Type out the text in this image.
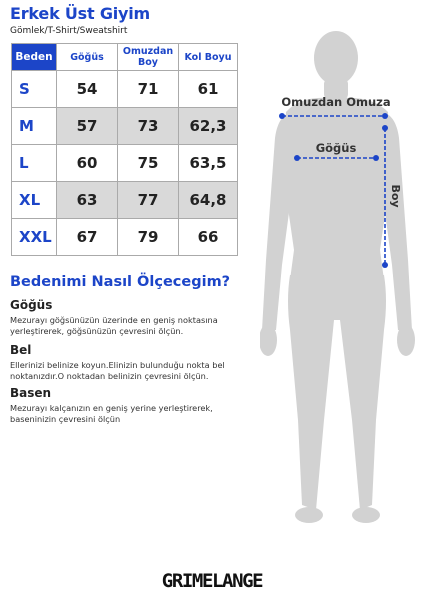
Erkek Üst Giyim
Gömlek/T-Shirt/Sweatshirt
Beden	Göğüs	Omuzdan Boy	Kol Boyu
S	54	71	61
M	57	73	62,3
L	60	75	63,5
XL	63	77	64,8
XXL	67	79	66
Bedenimi Nasıl Ölçecegim?
Göğüs
Mezurayı göğsünüzün üzerinde en geniş noktasına yerleştirerek, göğsünüzün çevresini ölçün.
Bel
Ellerinizi belinize koyun.Elinizin bulunduğu nokta bel noktanızdır.O noktadan belinizin çevresini ölçün.
Basen
Mezurayı kalçanızın en geniş yerine yerleştirerek, baseninizin çevresini ölçün
Omuzdan Omuza
Göğüs
Boy
GRIMELANGE
